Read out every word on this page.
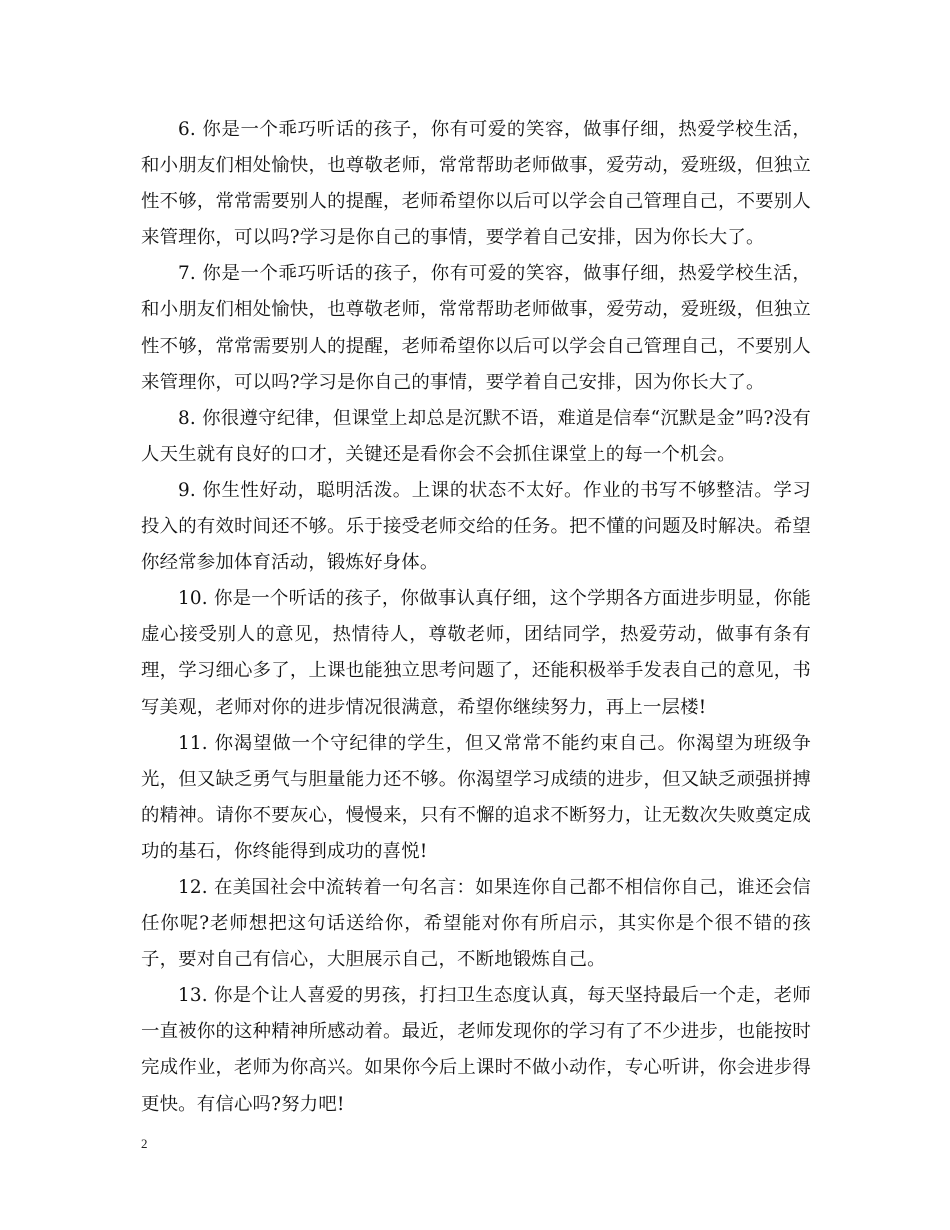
6. 你是一个乖巧听话的孩子，你有可爱的笑容，做事仔细，热爱学校生活，和小朋友们相处愉快，也尊敬老师，常常帮助老师做事，爱劳动，爱班级，但独立性不够，常常需要别人的提醒，老师希望你以后可以学会自己管理自己，不要别人来管理你，可以吗?学习是你自己的事情，要学着自己安排，因为你长大了。

7. 你是一个乖巧听话的孩子，你有可爱的笑容，做事仔细，热爱学校生活，和小朋友们相处愉快，也尊敬老师，常常帮助老师做事，爱劳动，爱班级，但独立性不够，常常需要别人的提醒，老师希望你以后可以学会自己管理自己，不要别人来管理你，可以吗?学习是你自己的事情，要学着自己安排，因为你长大了。

8. 你很遵守纪律，但课堂上却总是沉默不语，难道是信奉“沉默是金”吗?没有人天生就有良好的口才，关键还是看你会不会抓住课堂上的每一个机会。

9. 你生性好动，聪明活泼。上课的状态不太好。作业的书写不够整洁。学习投入的有效时间还不够。乐于接受老师交给的任务。把不懂的问题及时解决。希望你经常参加体育活动，锻炼好身体。

10. 你是一个听话的孩子，你做事认真仔细，这个学期各方面进步明显，你能虚心接受别人的意见，热情待人，尊敬老师，团结同学，热爱劳动，做事有条有理，学习细心多了，上课也能独立思考问题了，还能积极举手发表自己的意见，书写美观，老师对你的进步情况很满意，希望你继续努力，再上一层楼!

11. 你渴望做一个守纪律的学生，但又常常不能约束自己。你渴望为班级争光，但又缺乏勇气与胆量能力还不够。你渴望学习成绩的进步，但又缺乏顽强拼搏的精神。请你不要灰心，慢慢来，只有不懈的追求不断努力，让无数次失败奠定成功的基石，你终能得到成功的喜悦!

12. 在美国社会中流转着一句名言：如果连你自己都不相信你自己，谁还会信任你呢?老师想把这句话送给你，希望能对你有所启示，其实你是个很不错的孩子，要对自己有信心，大胆展示自己，不断地锻炼自己。

13. 你是个让人喜爱的男孩，打扫卫生态度认真，每天坚持最后一个走，老师一直被你的这种精神所感动着。最近，老师发现你的学习有了不少进步，也能按时完成作业，老师为你高兴。如果你今后上课时不做小动作，专心听讲，你会进步得更快。有信心吗?努力吧!

2
